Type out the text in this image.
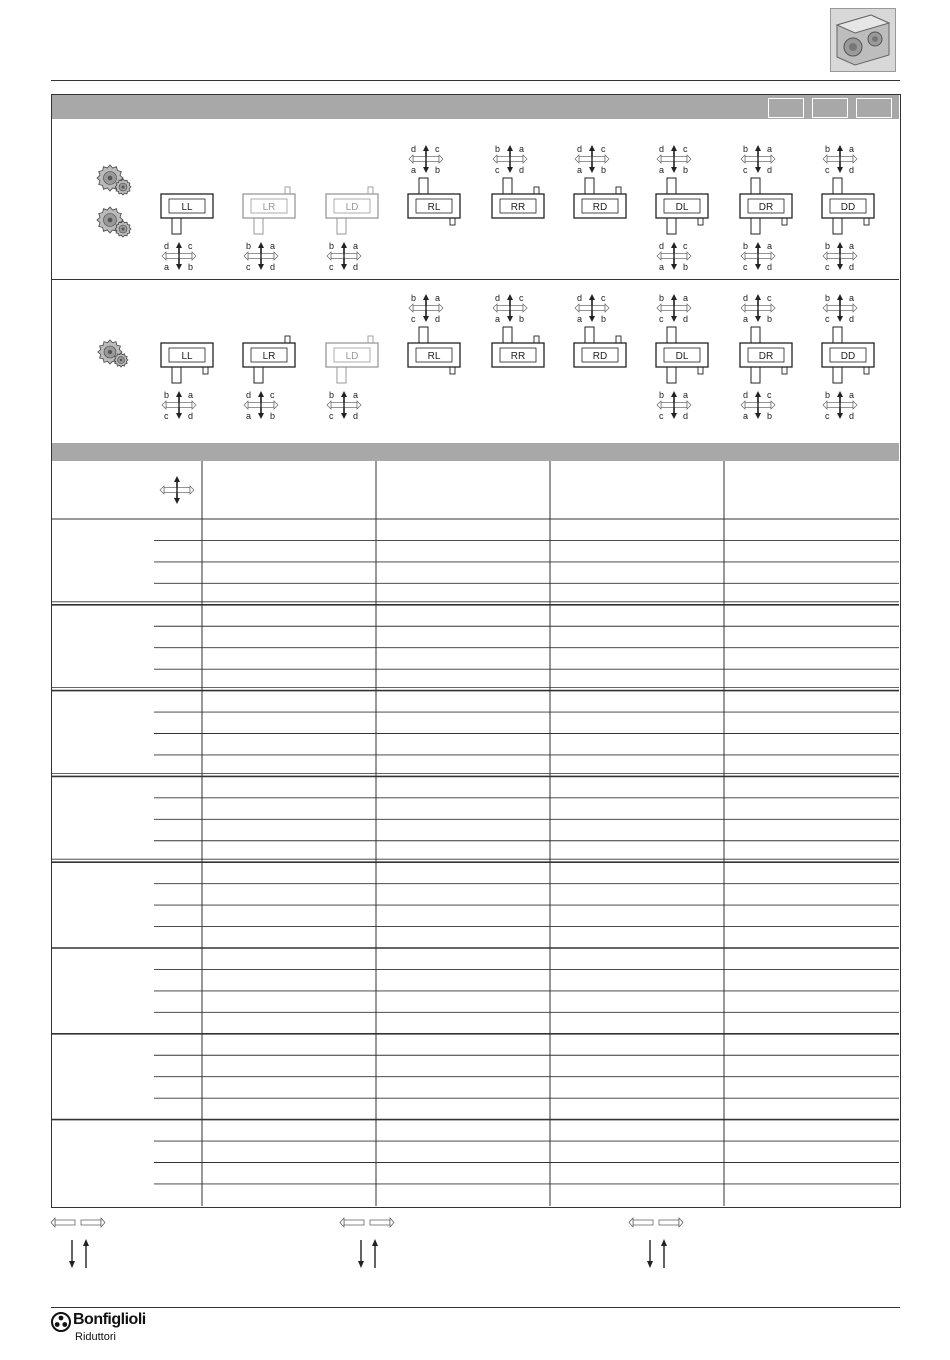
LL
d c
a b
LR
b a
c d
LD
b a
c d
RL
d c
a b
RR
b a
c d
RD
d c
a b
DL
d c
a b
d c
a b
DR
b a
c d
b a
c d
DD
b a
c d
b a
c d
LL
b a
c d
LR
d c
a b
LD
b a
c d
RL
b a
c d
RR
d c
a b
RD
d c
a b
DL
b a
c d
b a
c d
DR
d c
a b
d c
a b
DD
b a
c d
b a
c d
Bonfiglioli
Riduttori
